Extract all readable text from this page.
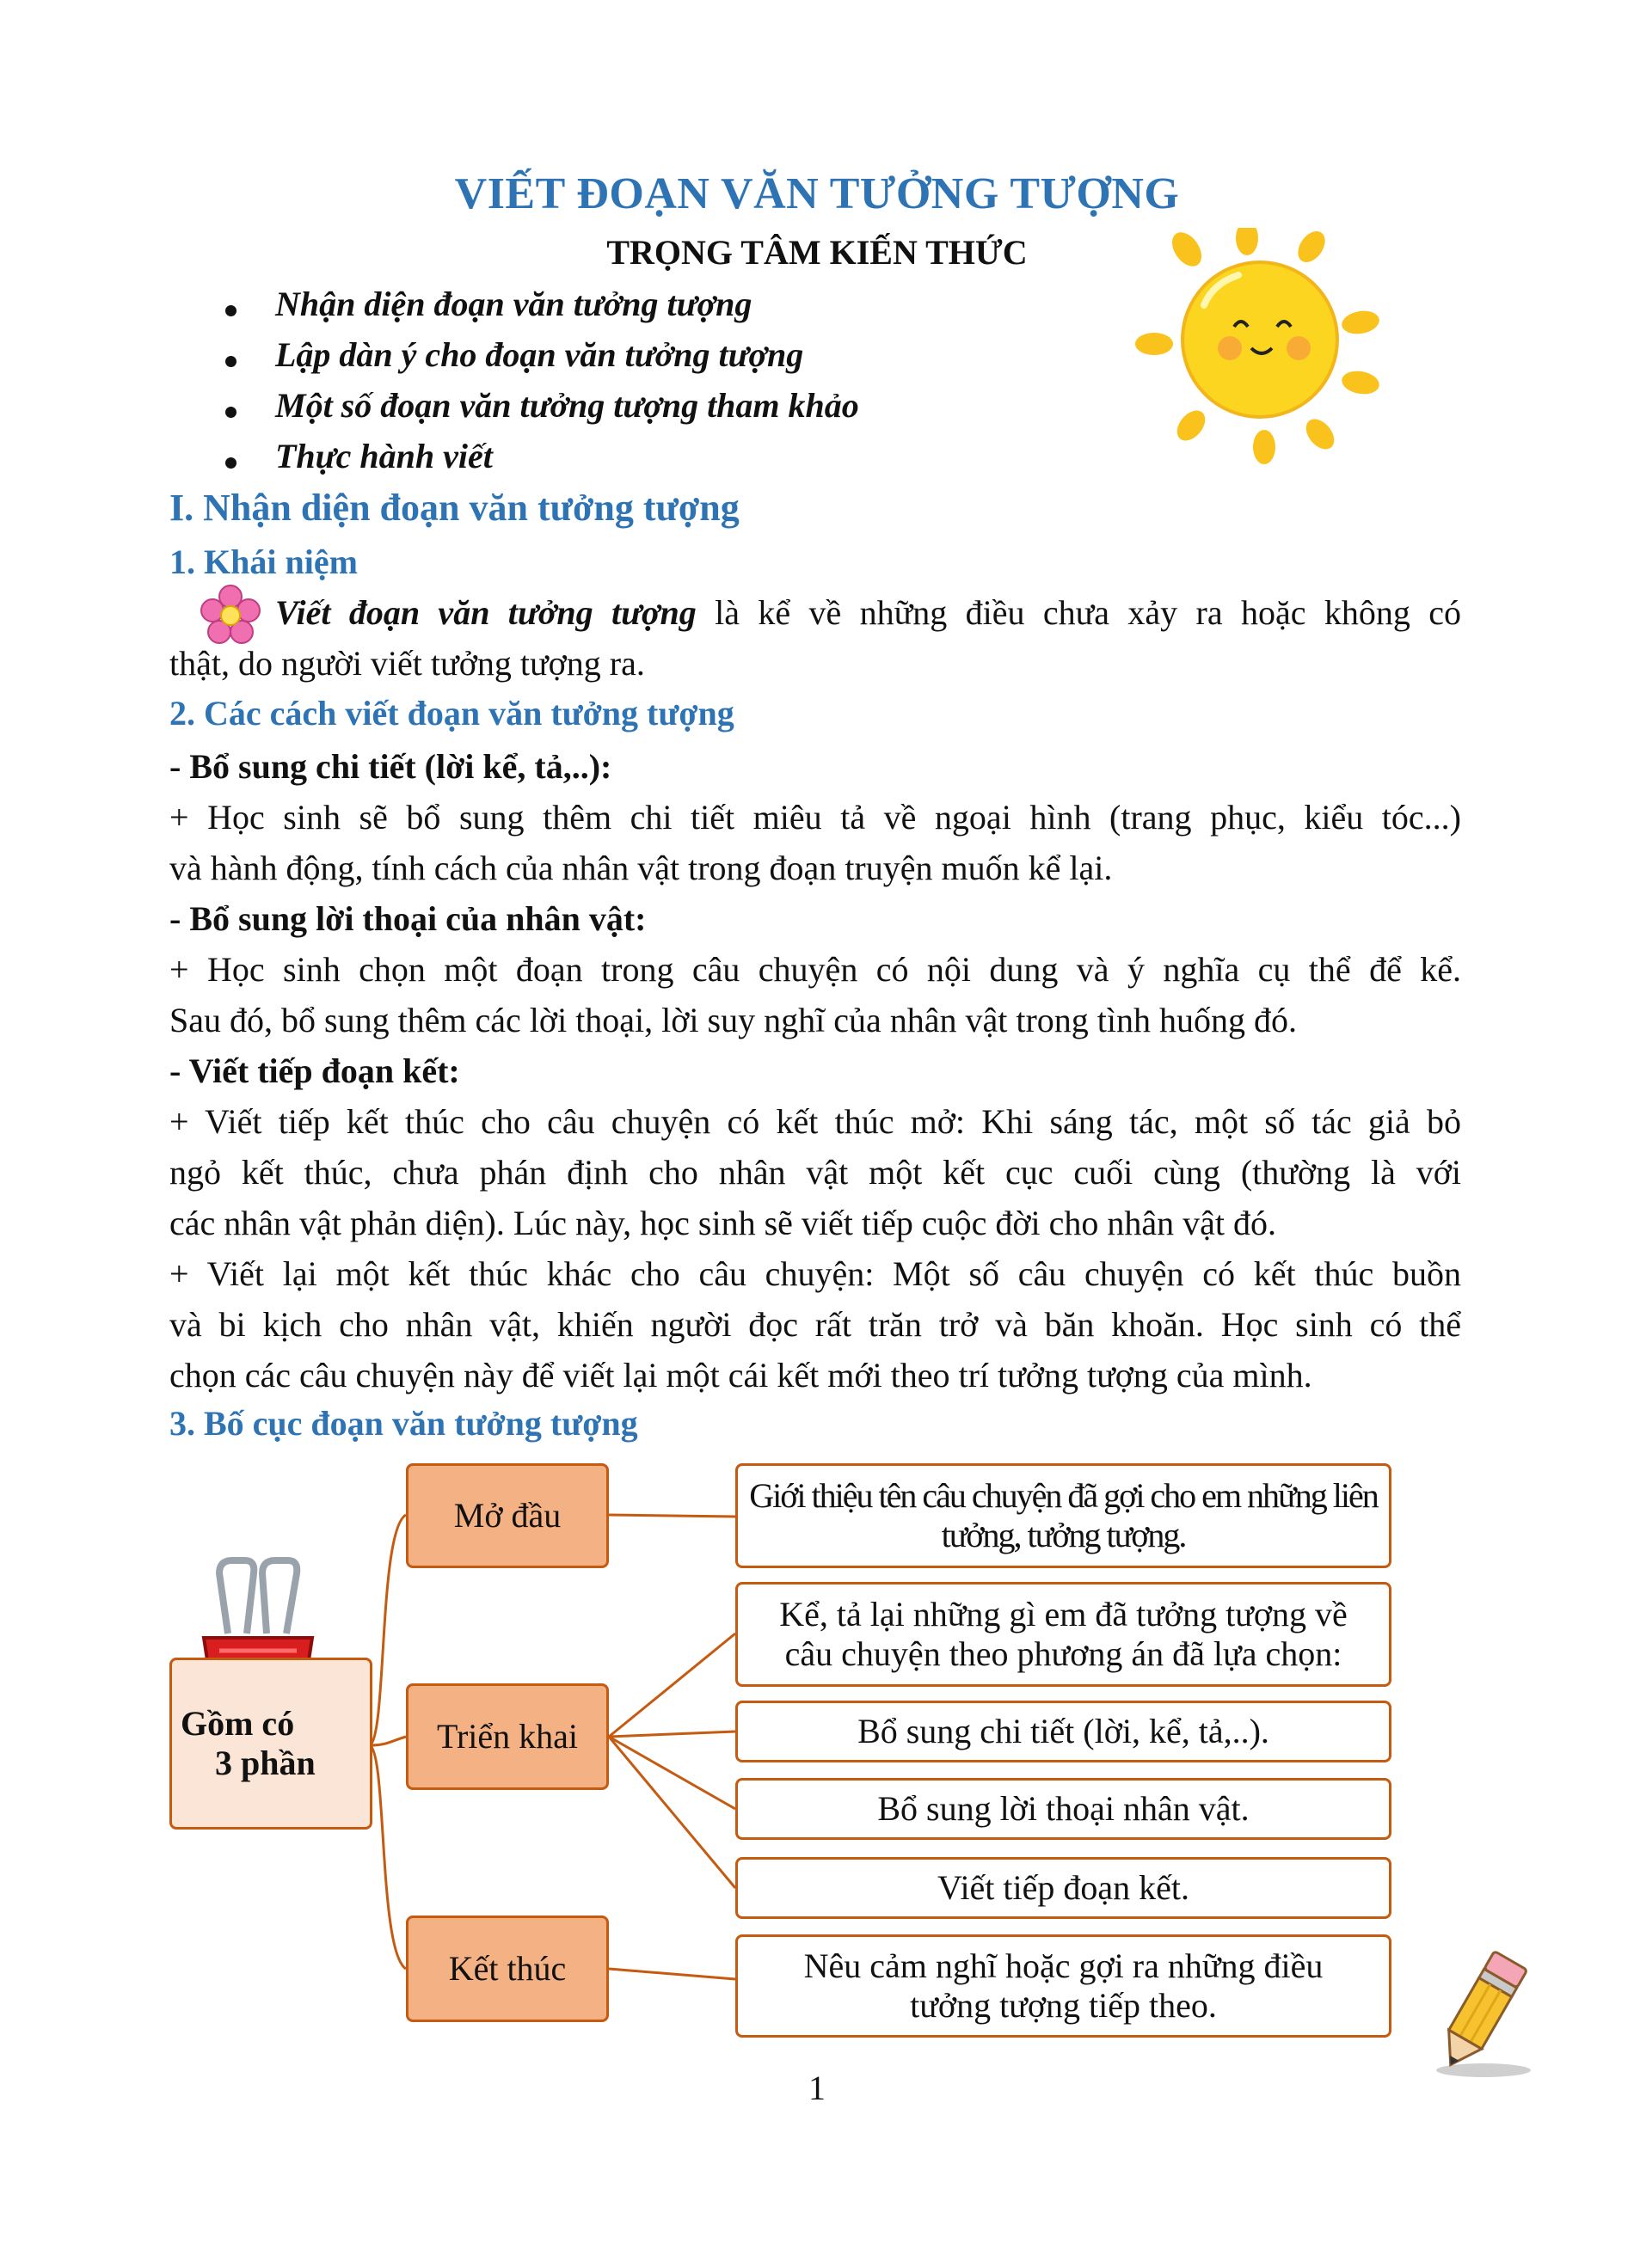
VIẾT ĐOẠN VĂN TƯỞNG TƯỢNG
TRỌNG TÂM KIẾN THỨC
Nhận diện đoạn văn tưởng tượng
Lập dàn ý cho đoạn văn tưởng tượng
Một số đoạn văn tưởng tượng tham khảo
Thực hành viết
I. Nhận diện đoạn văn tưởng tượng
1. Khái niệm
Viết đoạn văn tưởng tượng là kể về những điều chưa xảy ra hoặc không có
thật, do người viết tưởng tượng ra.
2. Các cách viết đoạn văn tưởng tượng
- Bổ sung chi tiết (lời kể, tả,..):
+ Học sinh sẽ bổ sung thêm chi tiết miêu tả về ngoại hình (trang phục, kiểu tóc...)
và hành động, tính cách của nhân vật trong đoạn truyện muốn kể lại.
- Bổ sung lời thoại của nhân vật:
+ Học sinh chọn một đoạn trong câu chuyện có nội dung và ý nghĩa cụ thể để kể.
Sau đó, bổ sung thêm các lời thoại, lời suy nghĩ của nhân vật trong tình huống đó.
- Viết tiếp đoạn kết:
+ Viết tiếp kết thúc cho câu chuyện có kết thúc mở: Khi sáng tác, một số tác giả bỏ
ngỏ kết thúc, chưa phán định cho nhân vật một kết cục cuối cùng (thường là với
các nhân vật phản diện). Lúc này, học sinh sẽ viết tiếp cuộc đời cho nhân vật đó.
+ Viết lại một kết thúc khác cho câu chuyện: Một số câu chuyện có kết thúc buồn
và bi kịch cho nhân vật, khiến người đọc rất trăn trở và băn khoăn. Học sinh có thể
chọn các câu chuyện này để viết lại một cái kết mới theo trí tưởng tượng của mình.
3. Bố cục đoạn văn tưởng tượng
Gồm có
3 phần
Mở đầu
Triển khai
Kết thúc
Giới thiệu tên câu chuyện đã gợi cho em những liên tưởng, tưởng tượng.
Kể, tả lại những gì em đã tưởng tượng về câu chuyện theo phương án đã lựa chọn:
Bổ sung chi tiết (lời, kể, tả,..).
Bổ sung lời thoại nhân vật.
Viết tiếp đoạn kết.
Nêu cảm nghĩ hoặc gợi ra những điều tưởng tượng tiếp theo.
1
